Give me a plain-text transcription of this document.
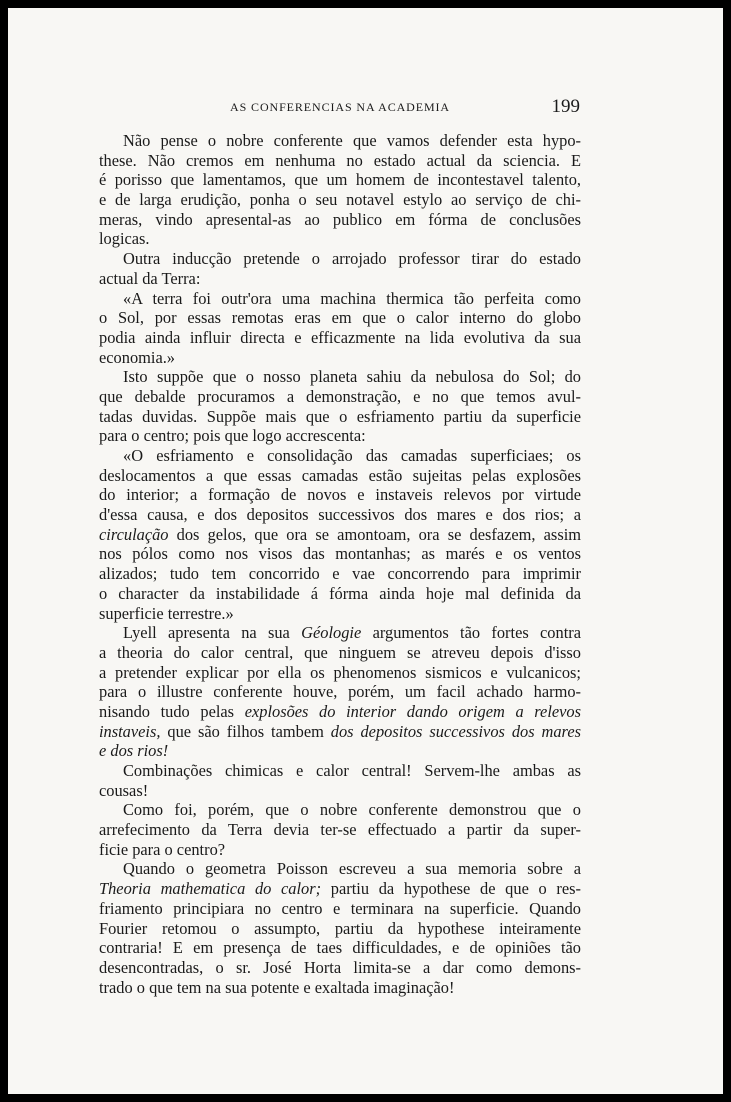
AS CONFERENCIAS NA ACADEMIA	199
Não pense o nobre conferente que vamos defender esta hypo-
these. Não cremos em nenhuma no estado actual da sciencia. E
é porisso que lamentamos, que um homem de incontestavel talento,
e de larga erudição, ponha o seu notavel estylo ao serviço de chi-
meras, vindo apresental-as ao publico em fórma de conclusões
logicas.
Outra inducção pretende o arrojado professor tirar do estado
actual da Terra:
«A terra foi outr'ora uma machina thermica tão perfeita como
o Sol, por essas remotas eras em que o calor interno do globo
podia ainda influir directa e efficazmente na lida evolutiva da sua
economia.»
Isto suppõe que o nosso planeta sahiu da nebulosa do Sol; do
que debalde procuramos a demonstração, e no que temos avul-
tadas duvidas. Suppõe mais que o esfriamento partiu da superficie
para o centro; pois que logo accrescenta:
«O esfriamento e consolidação das camadas superficiaes; os
deslocamentos a que essas camadas estão sujeitas pelas explosões
do interior; a formação de novos e instaveis relevos por virtude
d'essa causa, e dos depositos successivos dos mares e dos rios; a
circulação dos gelos, que ora se amontoam, ora se desfazem, assim
nos pólos como nos visos das montanhas; as marés e os ventos
alizados; tudo tem concorrido e vae concorrendo para imprimir
o character da instabilidade á fórma ainda hoje mal definida da
superficie terrestre.»
Lyell apresenta na sua Géologie argumentos tão fortes contra
a theoria do calor central, que ninguem se atreveu depois d'isso
a pretender explicar por ella os phenomenos sismicos e vulcanicos;
para o illustre conferente houve, porém, um facil achado harmo-
nisando tudo pelas explosões do interior dando origem a relevos
instaveis, que são filhos tambem dos depositos successivos dos mares
e dos rios!
Combinações chimicas e calor central! Servem-lhe ambas as
cousas!
Como foi, porém, que o nobre conferente demonstrou que o
arrefecimento da Terra devia ter-se effectuado a partir da super-
ficie para o centro?
Quando o geometra Poisson escreveu a sua memoria sobre a
Theoria mathematica do calor; partiu da hypothese de que o res-
friamento principiara no centro e terminara na superficie. Quando
Fourier retomou o assumpto, partiu da hypothese inteiramente
contraria! E em presença de taes difficuldades, e de opiniões tão
desencontradas, o sr. José Horta limita-se a dar como demons-
trado o que tem na sua potente e exaltada imaginação!
